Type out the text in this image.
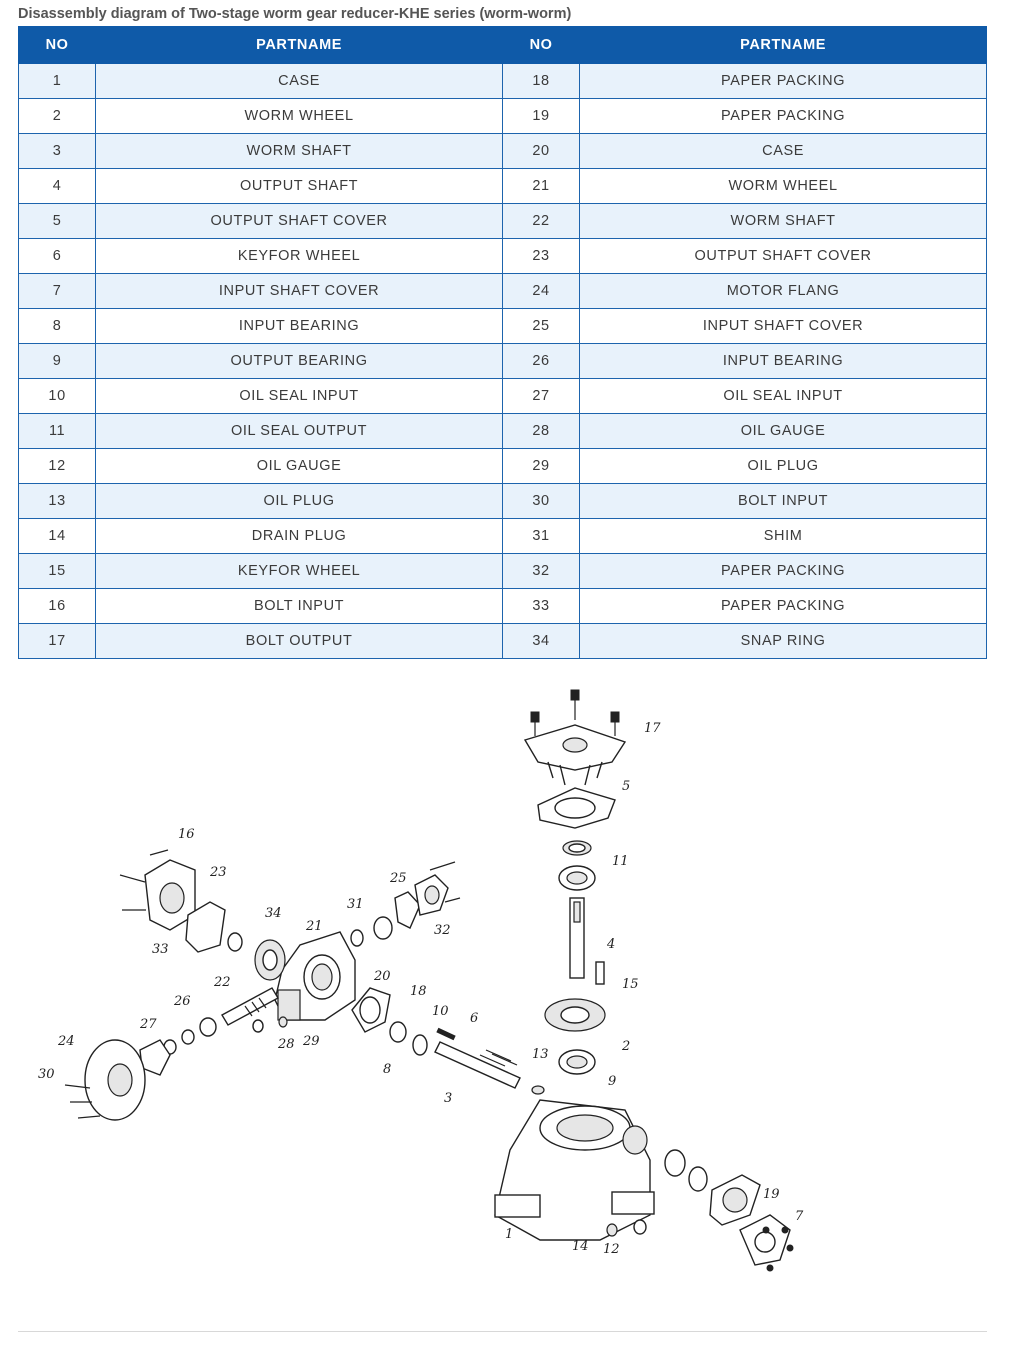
Disassembly diagram of Two-stage worm gear reducer-KHE series (worm-worm)
NO	PARTNAME	NO	PARTNAME
1	CASE	18	PAPER PACKING
2	WORM WHEEL	19	PAPER PACKING
3	WORM SHAFT	20	CASE
4	OUTPUT SHAFT	21	WORM WHEEL
5	OUTPUT SHAFT COVER	22	WORM SHAFT
6	KEYFOR WHEEL	23	OUTPUT SHAFT COVER
7	INPUT SHAFT COVER	24	MOTOR FLANG
8	INPUT BEARING	25	INPUT SHAFT COVER
9	OUTPUT BEARING	26	INPUT BEARING
10	OIL SEAL INPUT	27	OIL SEAL INPUT
11	OIL SEAL OUTPUT	28	OIL GAUGE
12	OIL GAUGE	29	OIL PLUG
13	OIL PLUG	30	BOLT INPUT
14	DRAIN PLUG	31	SHIM
15	KEYFOR WHEEL	32	PAPER PACKING
16	BOLT INPUT	33	PAPER PACKING
17	BOLT OUTPUT	34	SNAP RING
1
2
3
4
5
6
7
8
9
10
11
12
13
14
15
16
17
18
19
20
21
22
23
24
25
26
27
28 29
30
31
32
33
34
